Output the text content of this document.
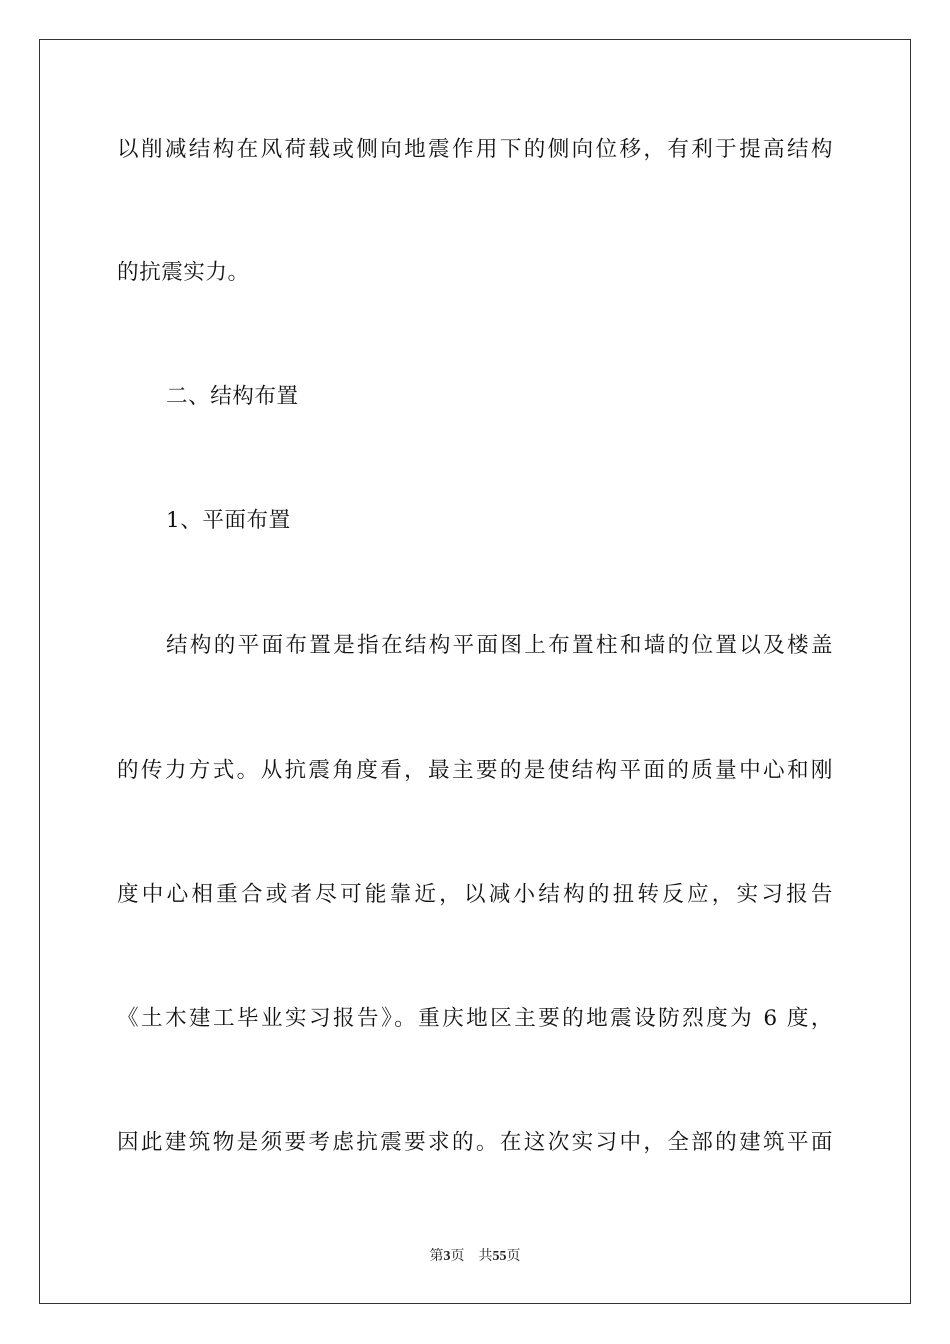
以削减结构在风荷载或侧向地震作用下的侧向位移，有利于提高结构
的抗震实力。
二、结构布置
1、平面布置
结构的平面布置是指在结构平面图上布置柱和墙的位置以及楼盖
的传力方式。从抗震角度看，最主要的是使结构平面的质量中心和刚
度中心相重合或者尽可能靠近，以减小结构的扭转反应，实习报告
《土木建工毕业实习报告》。重庆地区主要的地震设防烈度为 6 度，
因此建筑物是须要考虑抗震要求的。在这次实习中，全部的建筑平面
第3页 共55页
